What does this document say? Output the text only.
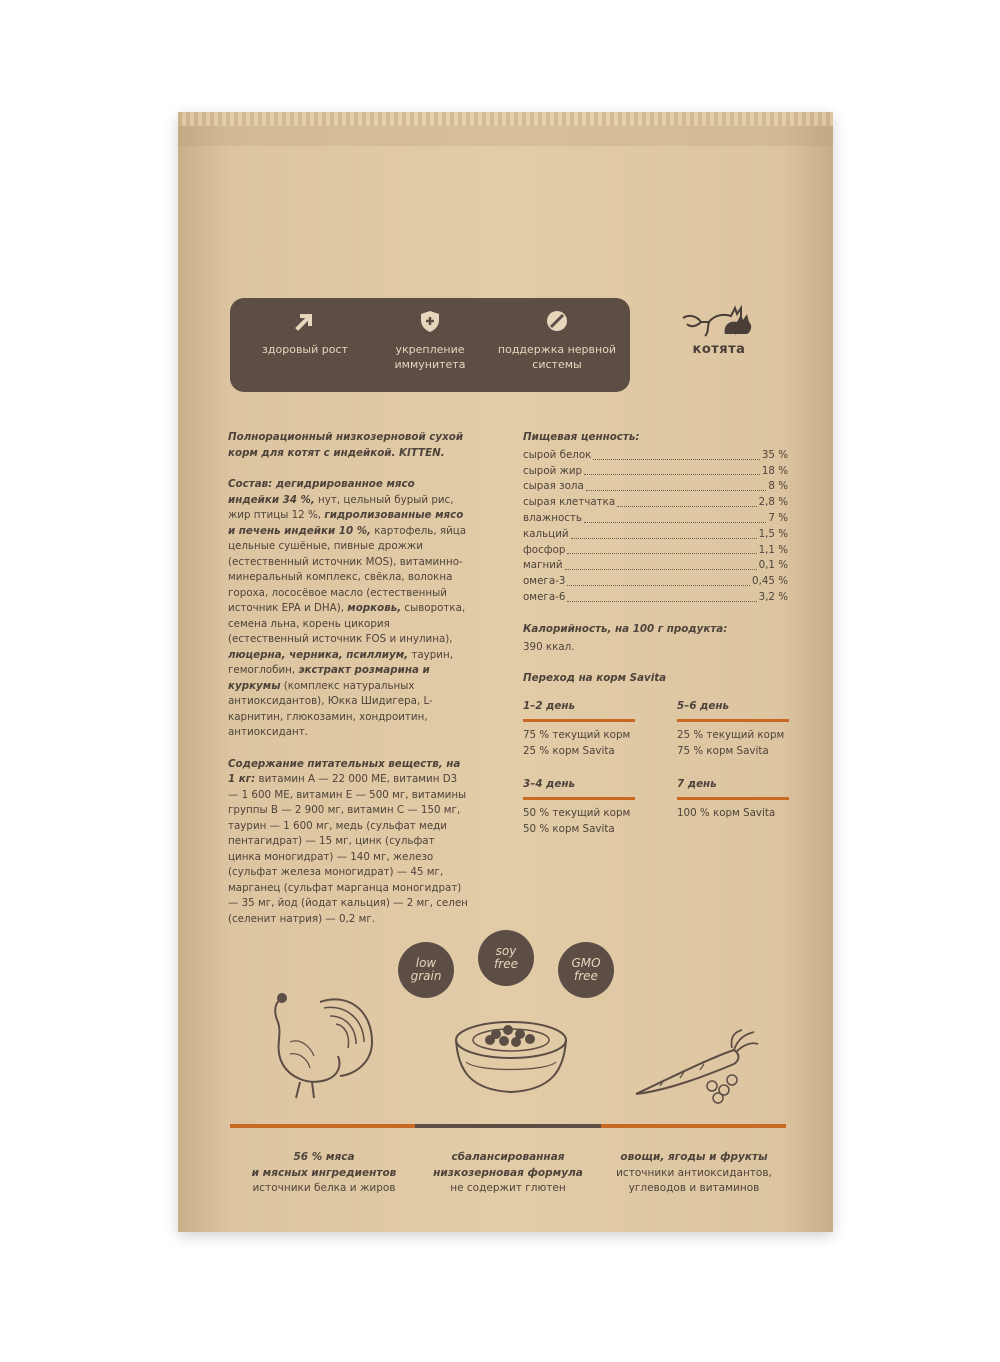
здоровый рост	укрепление иммунитета
поддержка нервной системы
котята

Полнорационный низкозерновой сухой корм для котят с индейкой. KITTEN.

Состав: дегидрированное мясо индейки 34 %, нут, цельный бурый рис, жир птицы 12 %, гидролизованные мясо и печень индейки 10 %, картофель, яйца цельные сушёные, пивные дрожжи (естественный источник MOS), витаминно-минеральный комплекс, свёкла, волокна гороха, лососёвое масло (естественный источник EPA и DHA), морковь, сыворотка, семена льна, корень цикория (естественный источник FOS и инулина), люцерна, черника, псиллиум, таурин, гемоглобин, экстракт розмарина и куркумы (комплекс натуральных антиоксидантов), Юкка Шидигера, L-карнитин, глюкозамин, хондроитин, антиоксидант.

Содержание питательных веществ, на 1 кг: витамин А — 22 000 МЕ, витамин D3 — 1 600 МЕ, витамин Е — 500 мг, витамины группы В — 2 900 мг, витамин С — 150 мг, таурин — 1 600 мг, медь (сульфат меди пентагидрат) — 15 мг, цинк (сульфат цинка моногидрат) — 140 мг, железо (сульфат железа моногидрат) — 45 мг, марганец (сульфат марганца моногидрат) — 35 мг, йод (йодат кальция) — 2 мг, селен (селенит натрия) — 0,2 мг.

Пищевая ценность:
сырой белок	35 %
сырой жир	18 %
сырая зола	8 %
сырая клетчатка	2,8 %
влажность	7 %
кальций	1,5 %
фосфор	1,1 %
магний	0,1 %
омега-3	0,45 %
омега-6	3,2 %
Калорийность, на 100 г продукта:
390 ккал.
Переход на корм Savita
1–2 день
75 % текущий корм
25 % корм Savita
5–6 день
25 % текущий корм
75 % корм Savita
3–4 день
50 % текущий корм
50 % корм Savita
7 день
100 % корм Savita
low
grain
soy
free	GMO
free
56 % мяса
и мясных ингредиентов
источники белка и жиров
сбалансированная
низкозерновая формула
не содержит глютен
овощи, ягоды и фрукты
источники антиоксидантов,
углеводов и витаминов
